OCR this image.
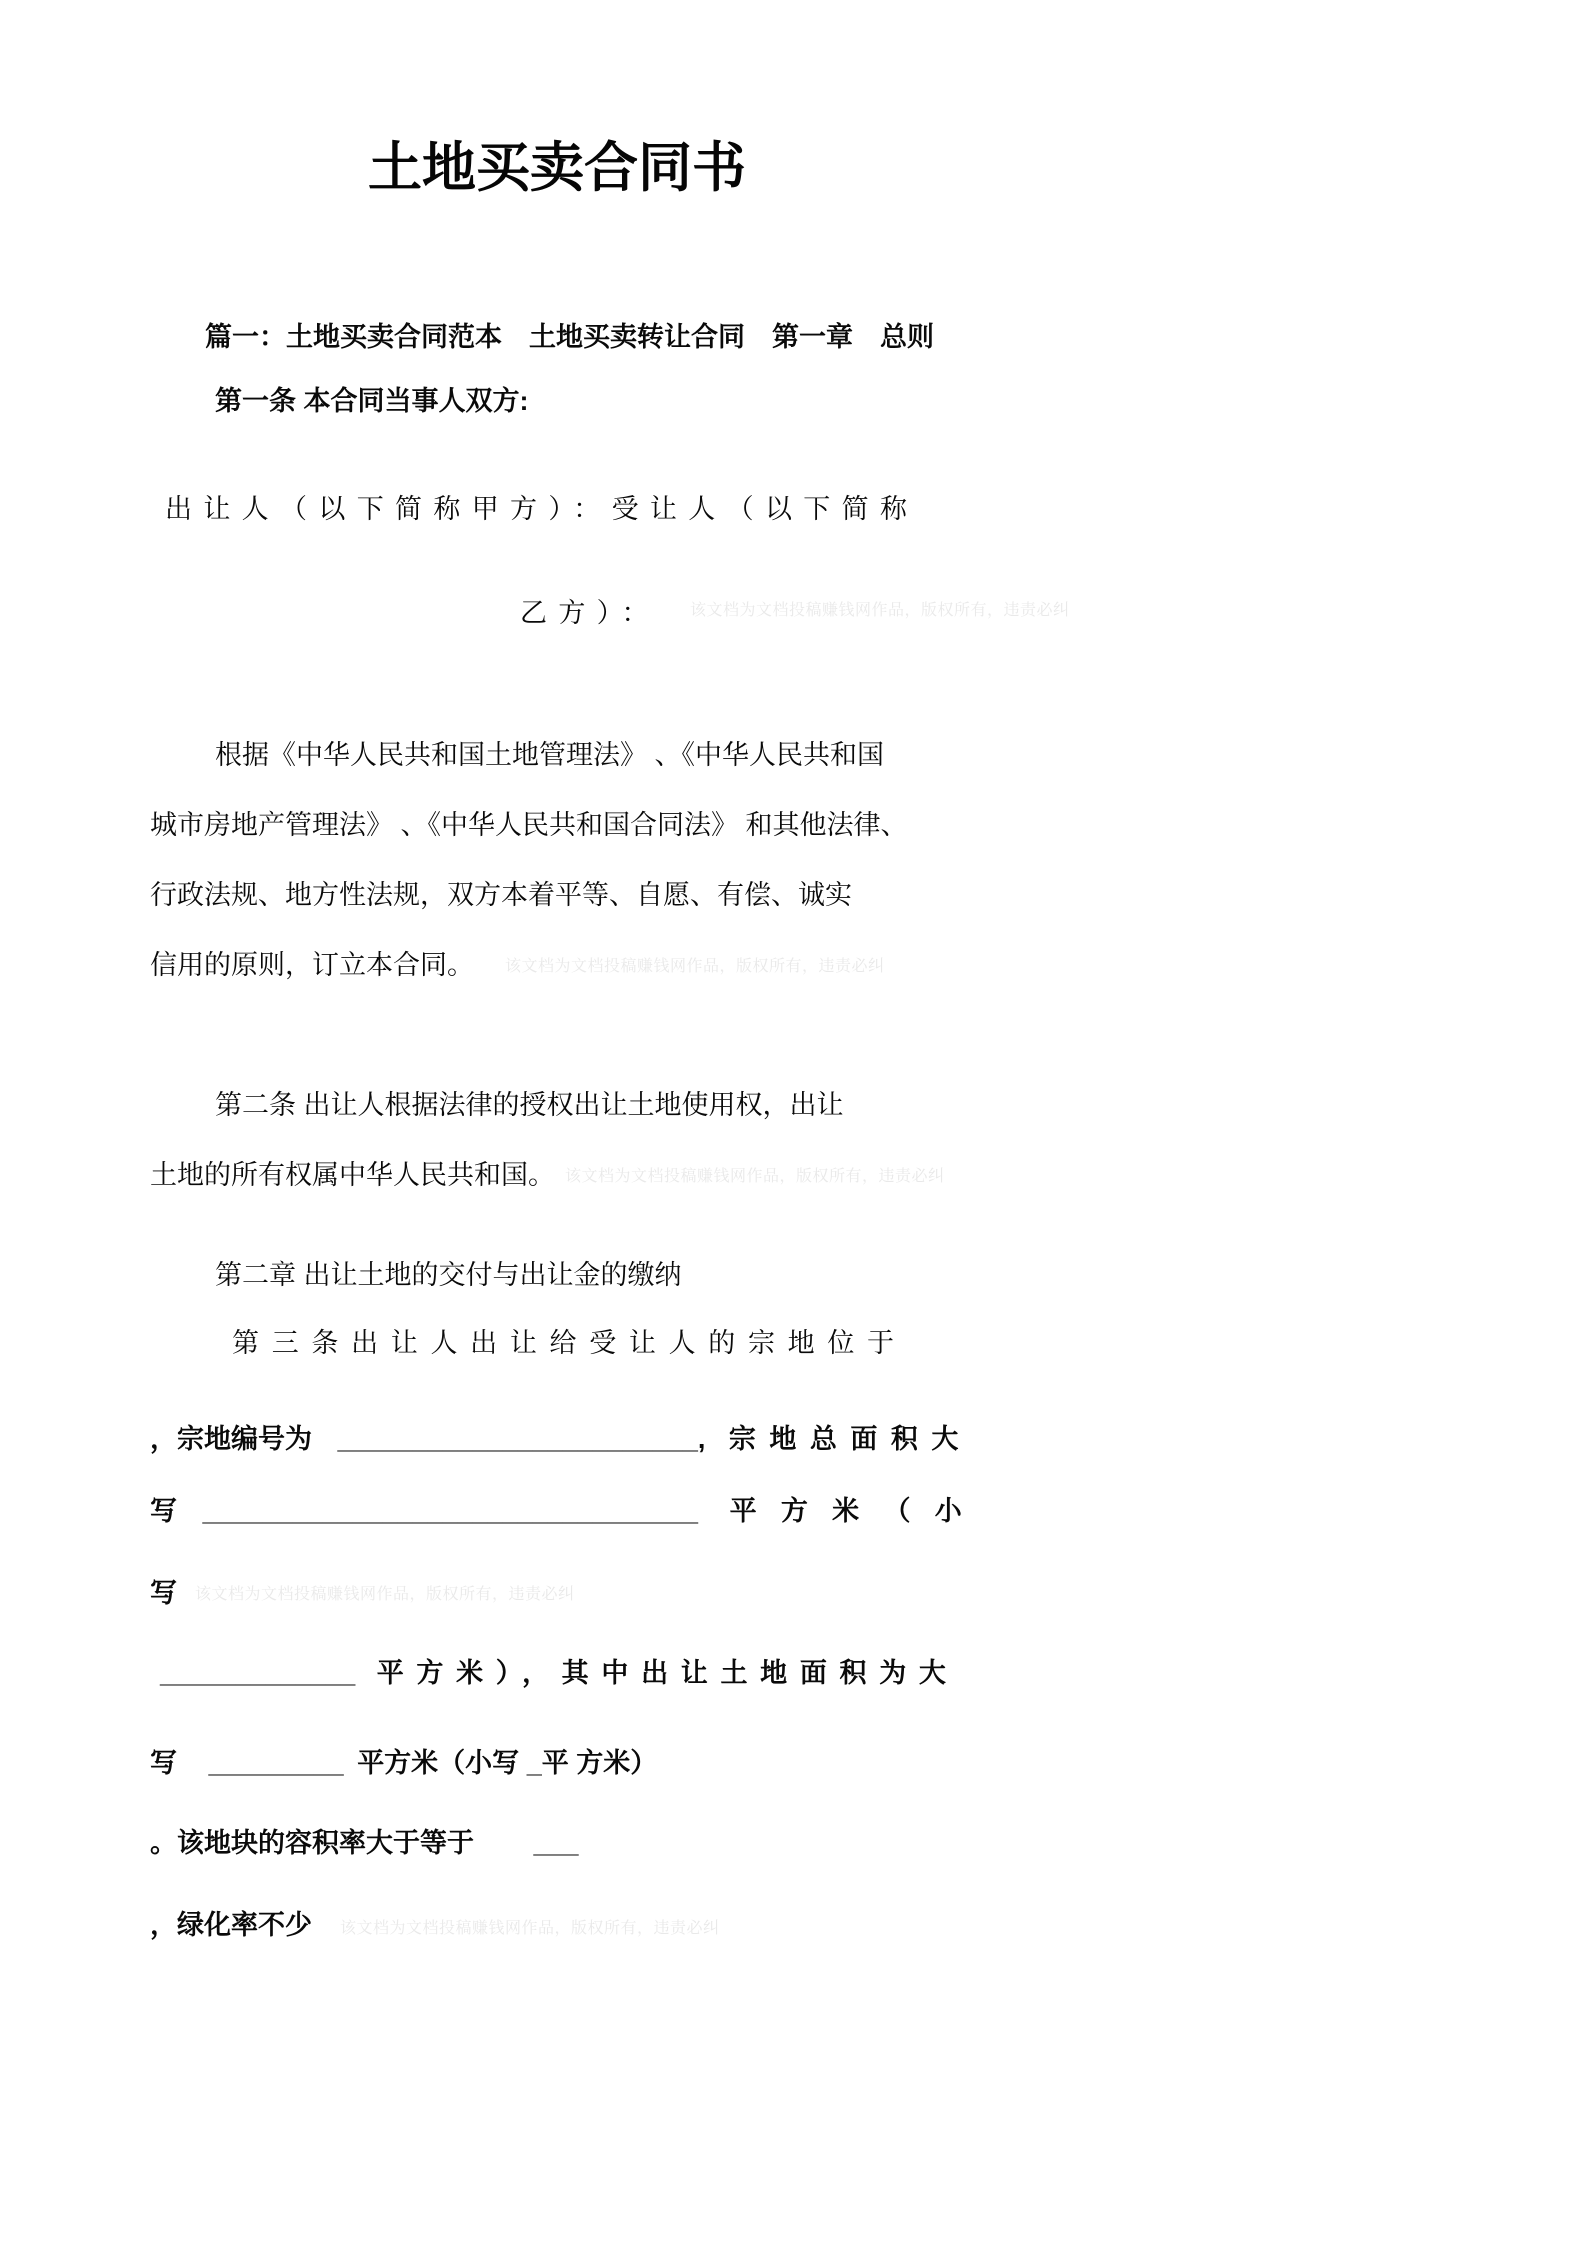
土地买卖合同书

篇一：土地买卖合同范本　土地买卖转让合同　第一章　总则

第一条 本合同当事人双方:

出让人（以下简称甲方）：受让人（以下简称

乙方）： 该文档为文档投稿赚钱网作品，版权所有，违责必纠

根据《中华人民共和国土地管理法》 、《中华人民共和国

城市房地产管理法》 、《中华人民共和国合同法》 和其他法律、

行政法规、地方性法规，双方本着平等、自愿、有偿、诚实

信用的原则，订立本合同。 该文档为文档投稿赚钱网作品，版权所有，违责必纠

第二条 出让人根据法律的授权出让土地使用权，出让

土地的所有权属中华人民共和国。 该文档为文档投稿赚钱网作品，版权所有，违责必纠

第二章 出让土地的交付与出让金的缴纳

第三条出让人出让给受让人的宗地位于

，宗地编号为 ________________________, 宗地总面积大

写 _________________________________ 平方米（小

写 该文档为文档投稿赚钱网作品，版权所有，违责必纠

_____________ 平方米），其中出让土地面积为大

写 _________ 平方米（小写 _平 方米）

。该地块的容积率大于等于 ___

，绿化率不少 该文档为文档投稿赚钱网作品，版权所有，违责必纠
